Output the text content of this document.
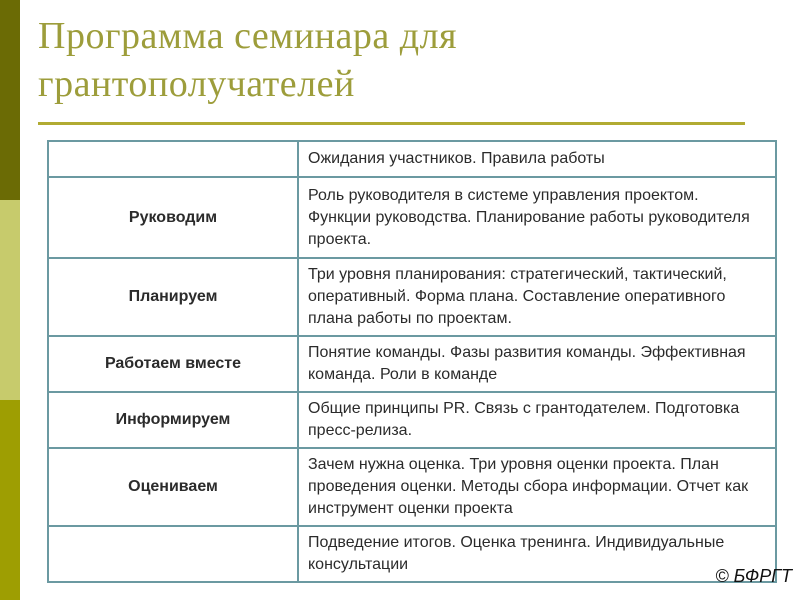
Программа семинара для
грантополучателей
	Ожидания участников. Правила работы
Руководим	Роль руководителя в системе управления проектом. Функции руководства. Планирование работы руководителя проекта.
Планируем	Три уровня планирования: стратегический, тактический, оперативный. Форма плана. Составление оперативного плана работы по проектам.
Работаем вместе	Понятие команды. Фазы развития команды. Эффективная команда. Роли в команде
Информируем	Общие принципы PR. Связь с грантодателем. Подготовка пресс-релиза.
Оцениваем	Зачем нужна оценка. Три уровня оценки проекта. План проведения оценки. Методы сбора информации. Отчет как инструмент оценки проекта
	Подведение итогов. Оценка тренинга. Индивидуальные консультации
© БФРГТ
